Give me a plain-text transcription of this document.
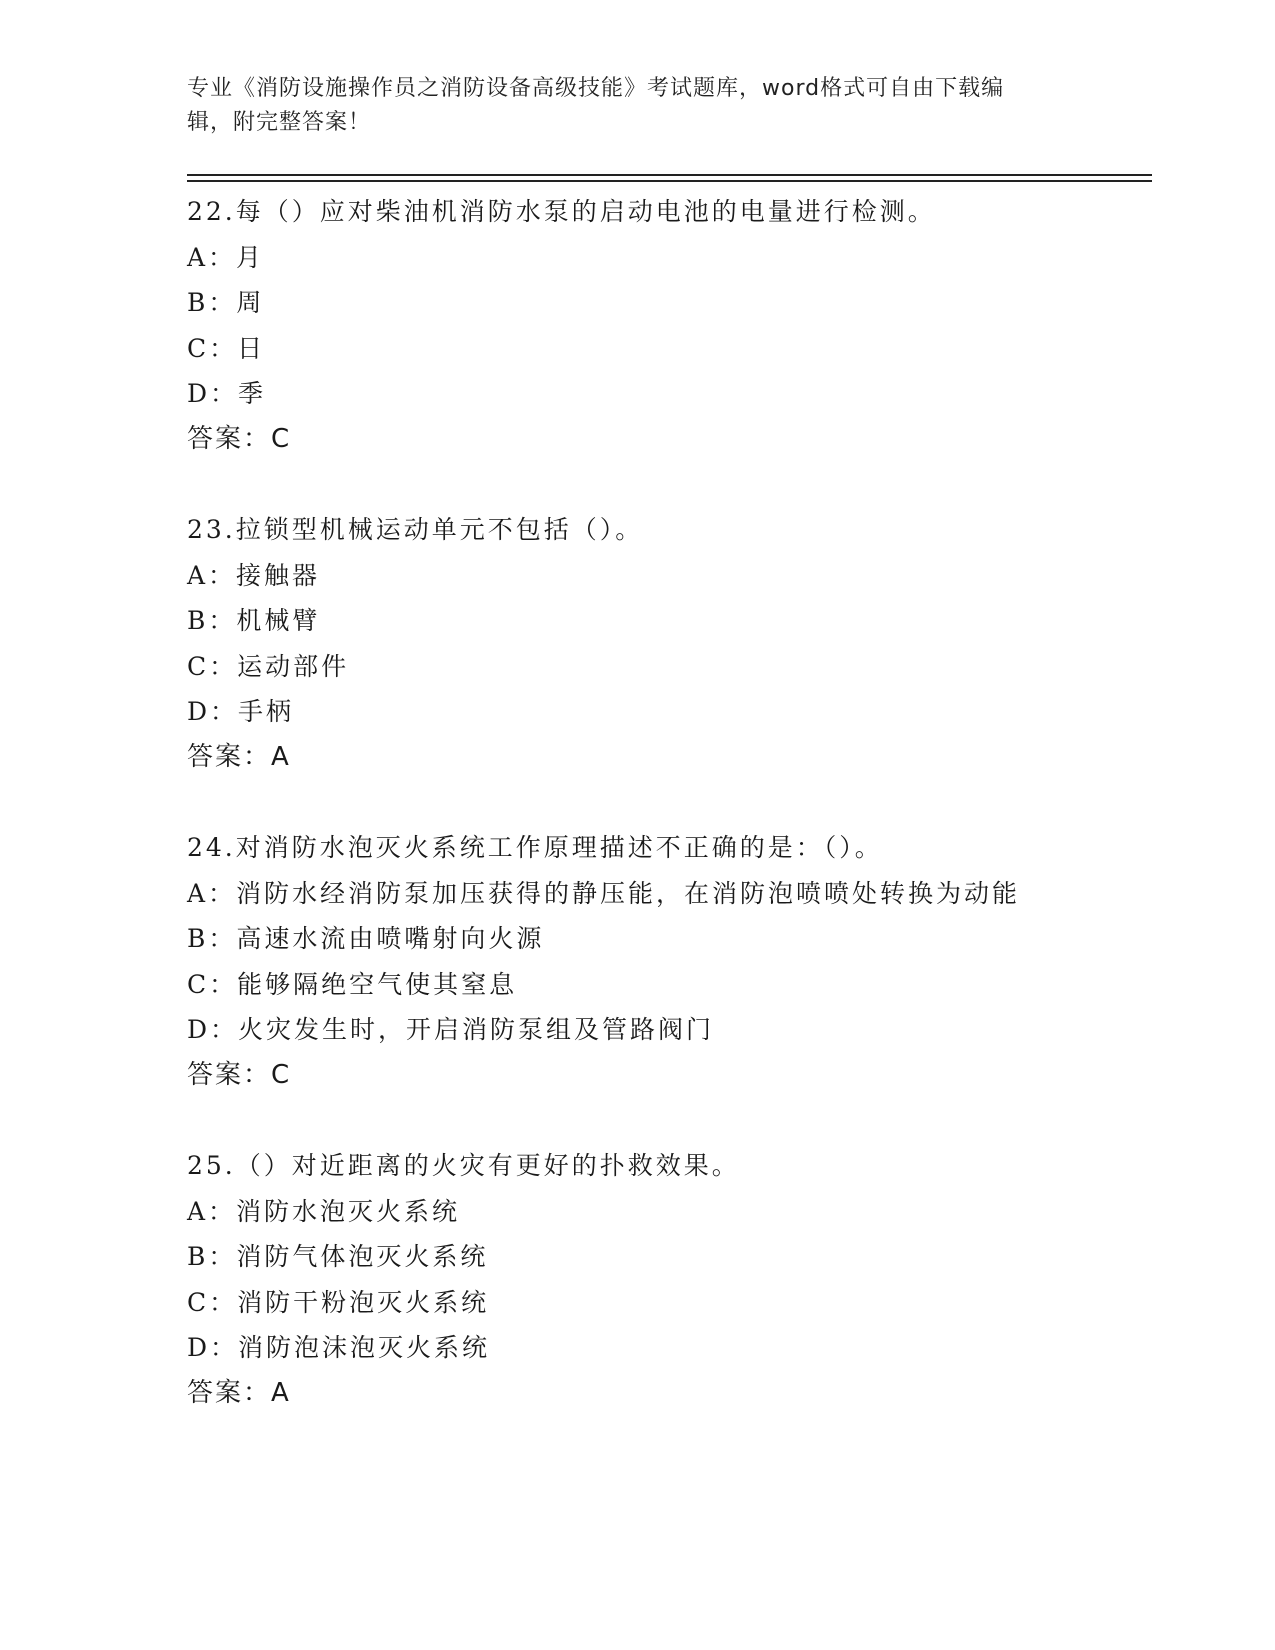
专业《消防设施操作员之消防设备高级技能》考试题库，word格式可自由下载编
辑，附完整答案！
22.每（）应对柴油机消防水泵的启动电池的电量进行检测。
A：月
B：周
C：日
D：季
答案：C
23.拉锁型机械运动单元不包括（）。
A：接触器
B：机械臂
C：运动部件
D：手柄
答案：A
24.对消防水泡灭火系统工作原理描述不正确的是：（）。
A：消防水经消防泵加压获得的静压能，在消防泡喷喷处转换为动能
B：高速水流由喷嘴射向火源
C：能够隔绝空气使其窒息
D：火灾发生时，开启消防泵组及管路阀门
答案：C
25.（）对近距离的火灾有更好的扑救效果。
A：消防水泡灭火系统
B：消防气体泡灭火系统
C：消防干粉泡灭火系统
D：消防泡沫泡灭火系统
答案：A
